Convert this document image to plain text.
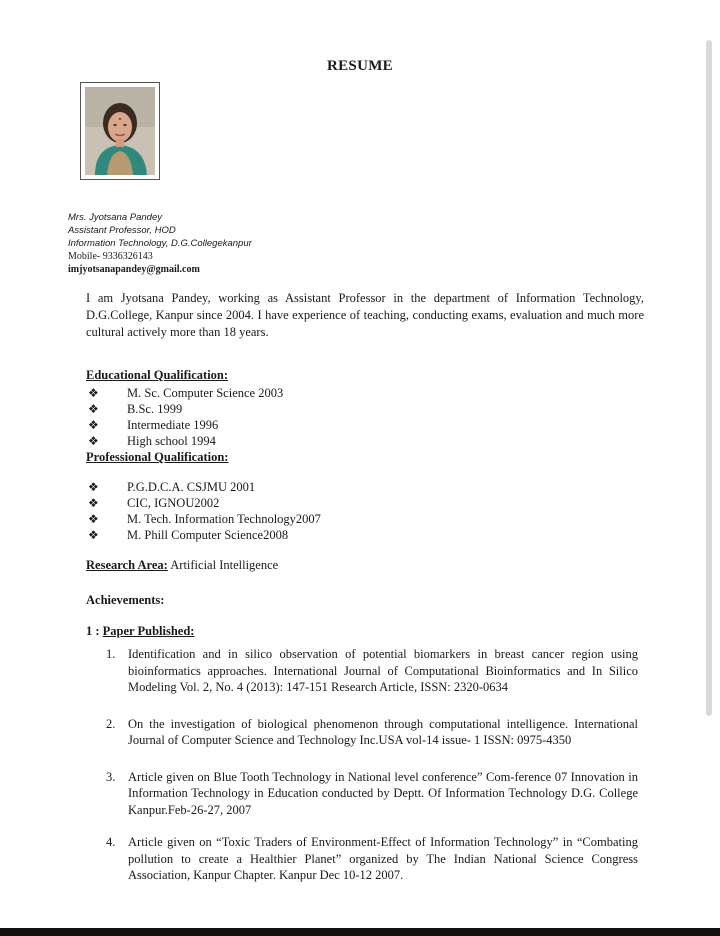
RESUME
Mrs. Jyotsana Pandey
Assistant Professor, HOD
Information Technology, D.G.Collegekanpur
Mobile- 9336326143
imjyotsanapandey@gmail.com
I am Jyotsana Pandey, working as Assistant Professor in the department of Information Technology, D.G.College, Kanpur since 2004. I have experience of teaching, conducting exams, evaluation and much more cultural actively more than 18 years.
Educational Qualification:
❖ M. Sc. Computer Science 2003
❖ B.Sc. 1999
❖ Intermediate 1996
❖ High school 1994
Professional Qualification:
❖ P.G.D.C.A. CSJMU 2001
❖ CIC, IGNOU2002
❖ M. Tech. Information Technology2007
❖ M. Phill Computer Science2008
Research Area: Artificial Intelligence
Achievements:
1 : Paper Published:
1. Identification and in silico observation of potential biomarkers in breast cancer region using bioinformatics approaches. International Journal of Computational Bioinformatics and In Silico Modeling Vol. 2, No. 4 (2013): 147-151 Research Article, ISSN: 2320-0634
2. On the investigation of biological phenomenon through computational intelligence. International Journal of Computer Science and Technology Inc.USA vol-14 issue- 1 ISSN: 0975-4350
3. Article given on Blue Tooth Technology in National level conference” Com-ference 07 Innovation in Information Technology in Education conducted by Deptt. Of Information Technology D.G. College Kanpur.Feb-26-27, 2007
4. Article given on “Toxic Traders of Environment-Effect of Information Technology” in “Combating pollution to create a Healthier Planet” organized by The Indian National Science Congress Association, Kanpur Chapter. Kanpur Dec 10-12 2007.
